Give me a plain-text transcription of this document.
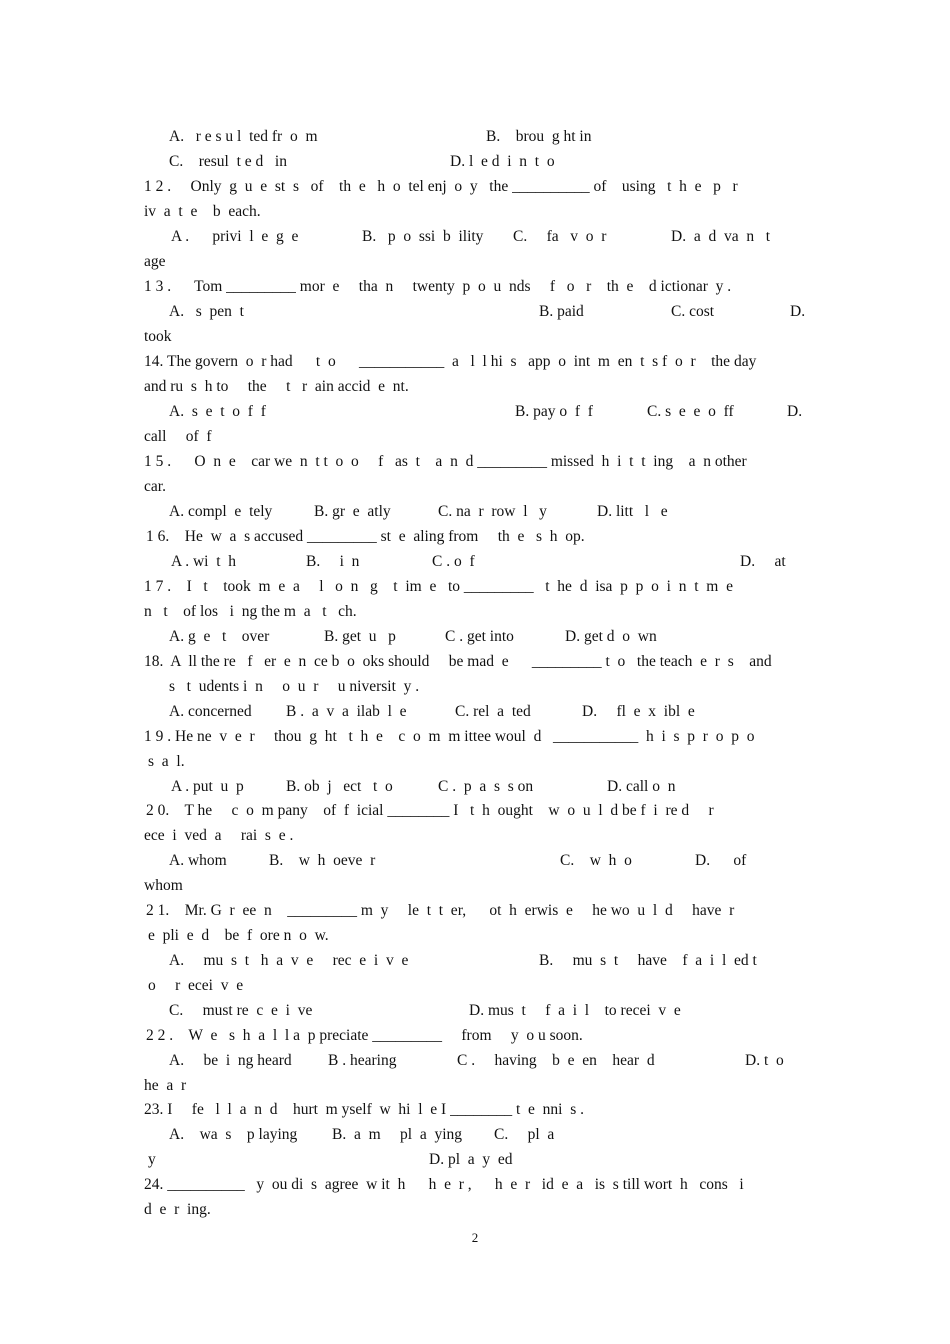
A.   r e s u l  ted fr  o  m	B.    brou  g ht in
C.    resul  t e d   in	D. l  e d  i  n  t  o
1 2 .     Only  g  u  e  st  s   of    th  e   h  o  tel enj  o  y   the __________ of    using   t  h  e   p   r
iv  a  t  e    b  each.
A .      privi  l  e  g  e	B.   p  o  ssi  b  ility C.     fa   v  o  r	D.  a  d  va  n   t
age
1 3 .      Tom _________ mor  e     tha  n     twenty  p  o  u  nds     f   o   r    th  e    d ictionar  y .
A.   s  pen  t	B. paid	C. cost	D.
took
14. The govern  o  r had      t  o      ___________  a   l  l hi  s   app  o  int  m  en  t  s f  o  r    the day
and ru  s  h to     the     t   r  ain accid  e  nt.
A.  s  e  t  o  f  f	B. pay o  f  f	C. s  e  e  o  ff	D.
call     of  f
1 5 .      O  n  e    car we  n  t t  o  o     f   as  t    a  n  d _________ missed  h  i  t  t  ing    a  n other
car.
A. compl  e  tely	B. gr  e  atly	C. na  r  row  l   y	D. litt   l   e
1 6.    He  w  a  s accused _________ st  e  aling from     th  e   s  h  op.
A . wi  t  h	B.     i  n	C . o  f	D.     at
1 7 .    I   t    took  m  e  a     l   o  n   g    t  im  e   to _________   t  he  d  isa  p  p  o  i  n  t  m  e
n   t    of los   i  ng the m  a   t   ch.
A. g  e   t    over	B. get  u   p	C . get into	D. get d  o  wn
18.  A  ll the re   f   er  e  n  ce b  o  oks should     be mad  e      _________ t  o   the teach  e  r  s    and
s   t  udents i  n     o  u  r     u niversit  y .
A. concerned B .  a  v  a  ilab  l  e	C. rel  a  ted	D.     fl  e  x  ibl  e
1 9 . He ne  v  e  r     thou  g  ht   t  h  e    c  o  m  m ittee woul  d   ___________  h  i  s  p  r  o  p  o
s  a  l.
A . put  u  p	B. ob  j   ect   t  o	C .  p  a  s  s on	D. call o  n
2 0.    T he     c  o  m pany    of  f  icial ________ I   t  h  ought    w  o  u  l  d be f  i  re d     r
ece  i  ved  a     rai  s  e .
A. whom	B.    w  h  oeve  r	C.    w  h  o	D.      of
whom
2 1.    Mr. G  r  ee  n    _________ m  y     le  t  t  er,      ot  h  erwis  e     he wo  u  l  d     have  r
e  pli  e  d    be  f  ore n  o  w.
A.     mu  s  t   h  a  v  e     rec  e  i  v  e	B.     mu  s  t     have    f  a  i  l  ed t
o     r  ecei  v  e
C.     must re  c  e  i  ve	D. mus  t     f  a  i  l    to recei  v  e
2 2 .    W  e   s  h  a  l  l a  p preciate _________     from     y  o u soon.
A.     be  i  ng heard B . hearing	C .     having    b  e  en    hear  d	D. t  o
he  a  r
23. I     fe   l  l  a  n  d    hurt  m yself  w  hi  l  e I ________ t  e  nni  s .
A.    wa  s    p laying B.  a  m     pl  a  ying C.     pl  a
y	D. pl  a  y  ed
24. __________   y  ou di  s  agree  w it  h      h  e  r ,      h  e  r   id  e  a   is  s till wort  h   cons   i
d  e  r  ing.
2
